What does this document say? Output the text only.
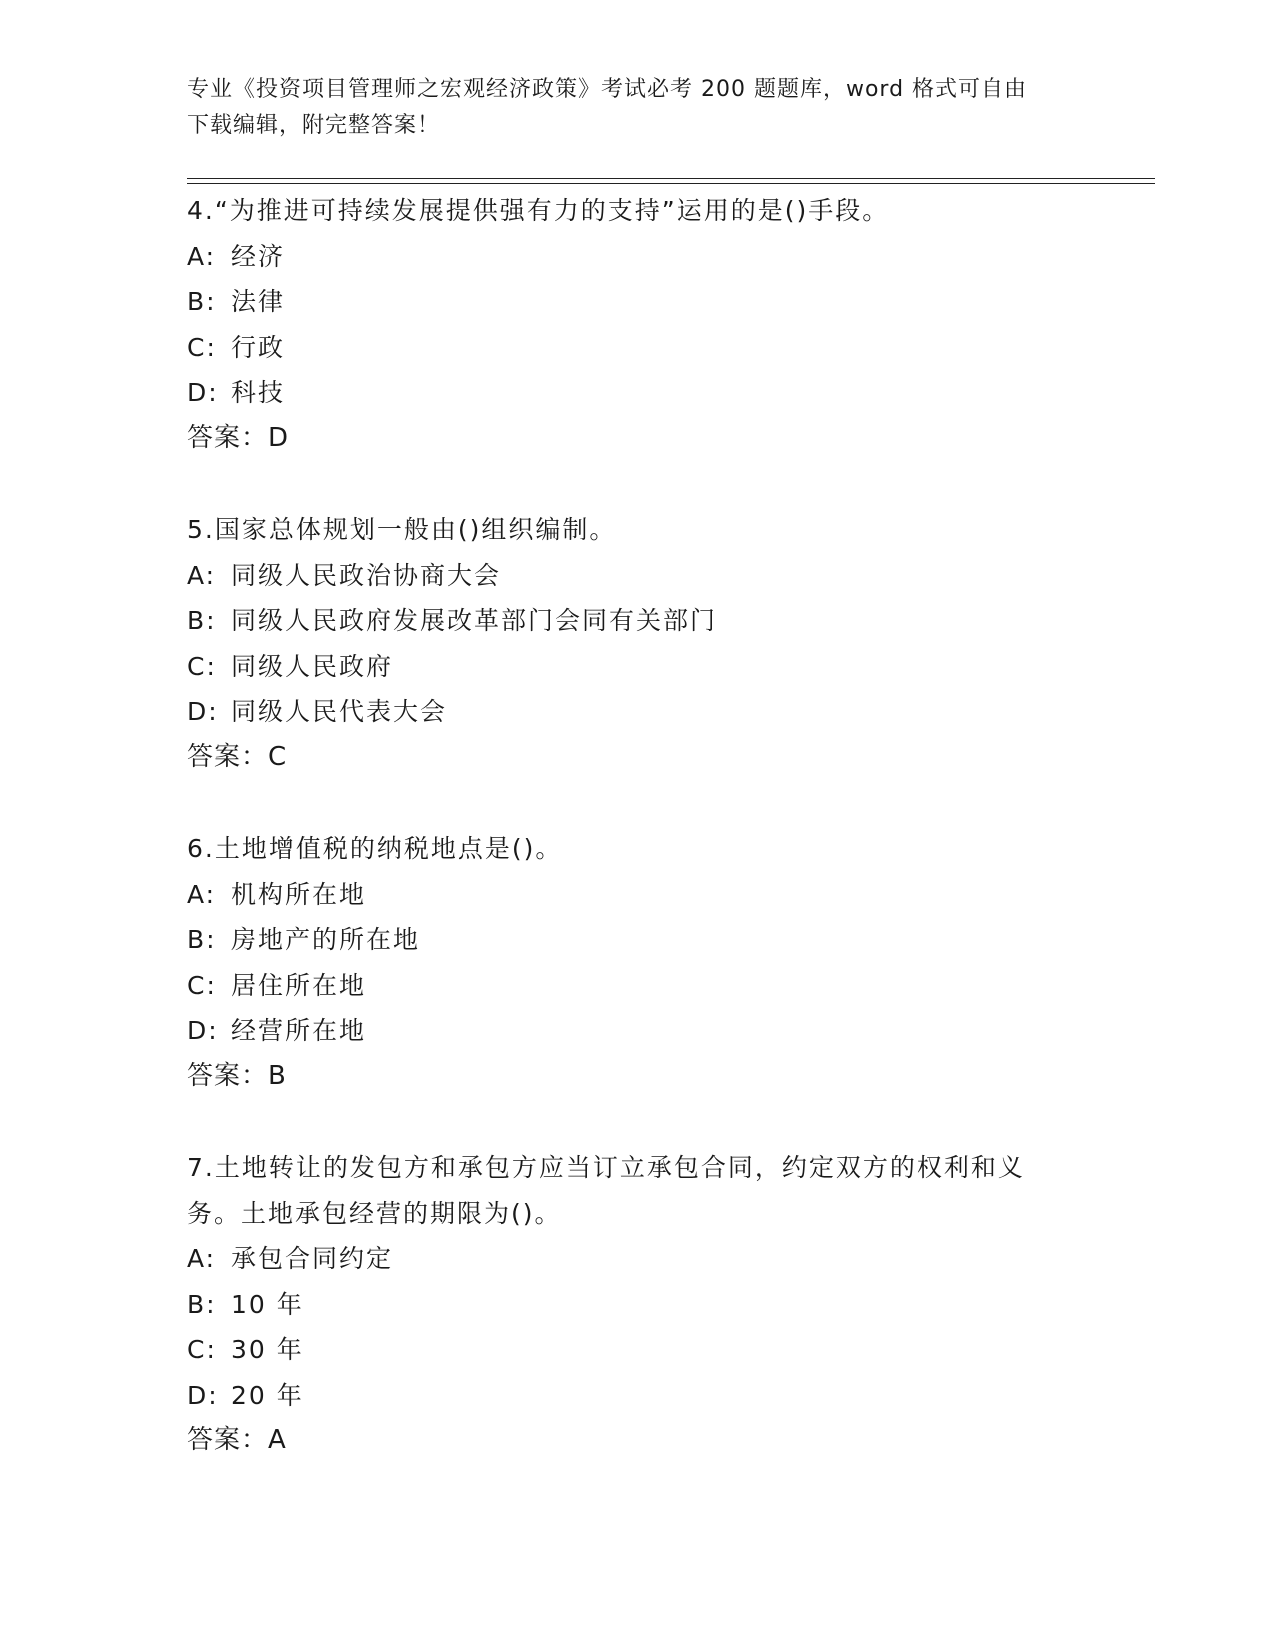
专业《投资项目管理师之宏观经济政策》考试必考 200 题题库，word 格式可自由
下载编辑，附完整答案！

4.“为推进可持续发展提供强有力的支持”运用的是()手段。

A: 经济

B: 法律

C: 行政

D: 科技

答案：D

5.国家总体规划一般由()组织编制。

A: 同级人民政治协商大会

B: 同级人民政府发展改革部门会同有关部门

C: 同级人民政府

D: 同级人民代表大会

答案：C

6.土地增值税的纳税地点是()。

A: 机构所在地

B: 房地产的所在地

C: 居住所在地

D: 经营所在地

答案：B

7.土地转让的发包方和承包方应当订立承包合同，约定双方的权利和义务。土地承包经营的期限为()。

A: 承包合同约定

B: 10 年

C: 30 年

D: 20 年

答案：A
